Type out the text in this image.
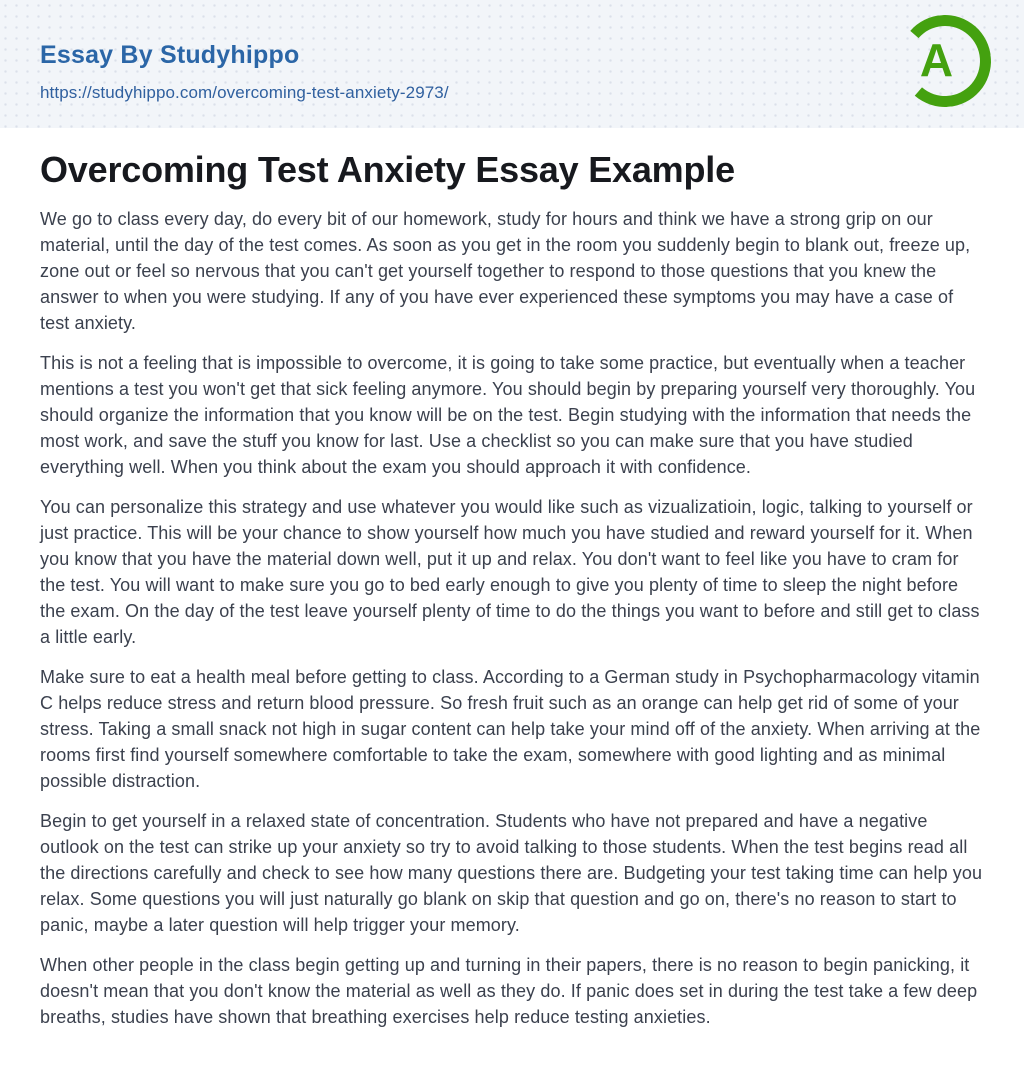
Essay By Studyhippo
https://studyhippo.com/overcoming-test-anxiety-2973/
A
Overcoming Test Anxiety Essay Example

We go to class every day, do every bit of our homework, study for hours and think we have a strong grip on our material, until the day of the test comes. As soon as you get in the room you suddenly begin to blank out, freeze up, zone out or feel so nervous that you can't get yourself together to respond to those questions that you knew the answer to when you were studying. If any of you have ever experienced these symptoms you may have a case of test anxiety.

This is not a feeling that is impossible to overcome, it is going to take some practice, but eventually when a teacher mentions a test you won't get that sick feeling anymore. You should begin by preparing yourself very thoroughly. You should organize the information that you know will be on the test. Begin studying with the information that needs the most work, and save the stuff you know for last. Use a checklist so you can make sure that you have studied everything well. When you think about the exam you should approach it with confidence.

You can personalize this strategy and use whatever you would like such as vizualizatioin, logic, talking to yourself or just practice. This will be your chance to show yourself how much you have studied and reward yourself for it. When you know that you have the material down well, put it up and relax. You don't want to feel like you have to cram for the test. You will want to make sure you go to bed early enough to give you plenty of time to sleep the night before the exam. On the day of the test leave yourself plenty of time to do the things you want to before and still get to class a little early.

Make sure to eat a health meal before getting to class. According to a German study in Psychopharmacology vitamin C helps reduce stress and return blood pressure. So fresh fruit such as an orange can help get rid of some of your stress. Taking a small snack not high in sugar content can help take your mind off of the anxiety. When arriving at the rooms first find yourself somewhere comfortable to take the exam, somewhere with good lighting and as minimal possible distraction.

Begin to get yourself in a relaxed state of concentration. Students who have not prepared and have a negative outlook on the test can strike up your anxiety so try to avoid talking to those students. When the test begins read all the directions carefully and check to see how many questions there are. Budgeting your test taking time can help you relax. Some questions you will just naturally go blank on skip that question and go on, there's no reason to start to panic, maybe a later question will help trigger your memory.

When other people in the class begin getting up and turning in their papers, there is no reason to begin panicking, it doesn't mean that you don't know the material as well as they do. If panic does set in during the test take a few deep breaths, studies have shown that breathing exercises help reduce testing anxieties.
